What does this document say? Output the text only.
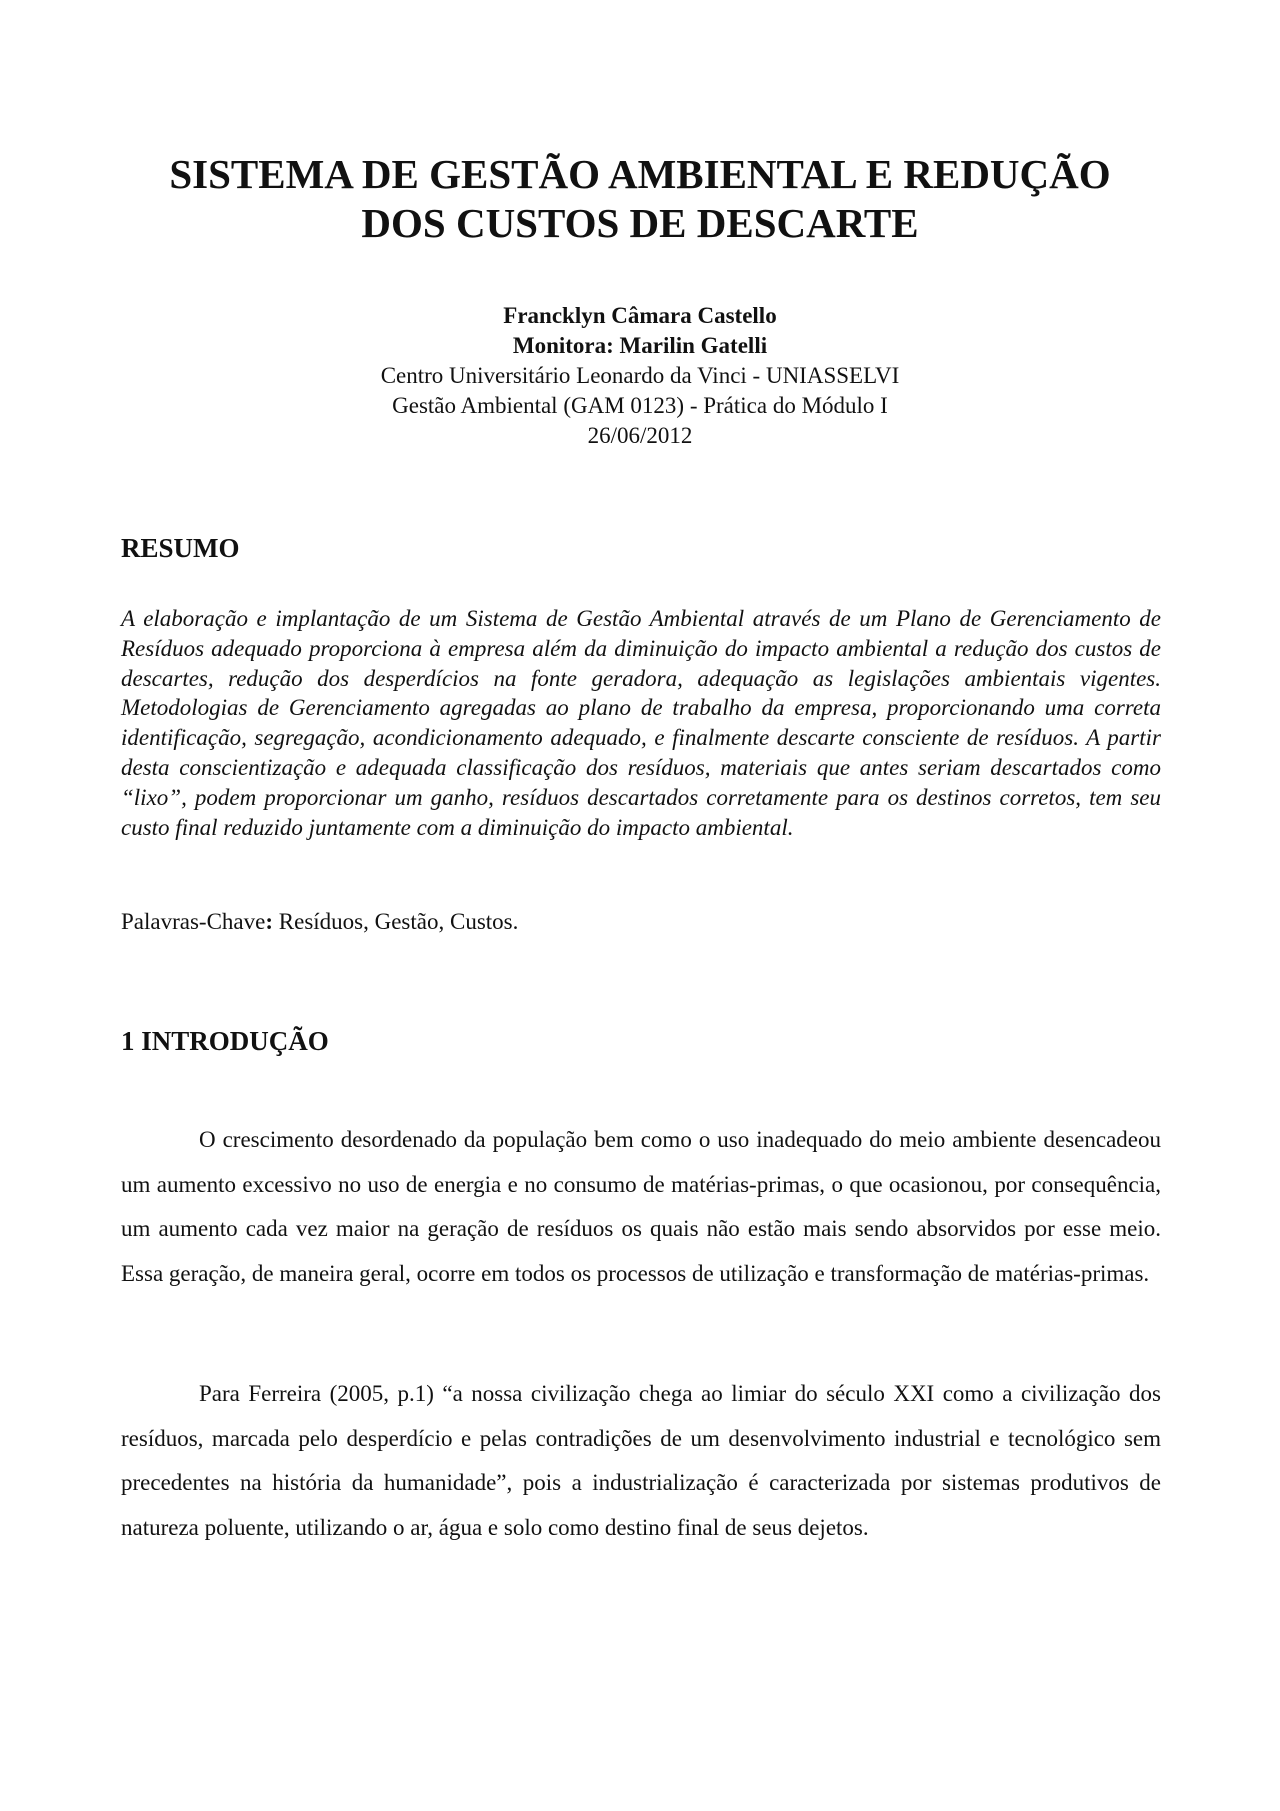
SISTEMA DE GESTÃO AMBIENTAL E REDUÇÃO
DOS CUSTOS DE DESCARTE
Francklyn Câmara Castello
Monitora: Marilin Gatelli
Centro Universitário Leonardo da Vinci - UNIASSELVI
Gestão Ambiental (GAM 0123) - Prática do Módulo I
26/06/2012
RESUMO

A elaboração e implantação de um Sistema de Gestão Ambiental através de um Plano de Gerenciamento de Resíduos adequado proporciona à empresa além da diminuição do impacto ambiental a redução dos custos de descartes, redução dos desperdícios na fonte geradora, adequação as legislações ambientais vigentes. Metodologias de Gerenciamento agregadas ao plano de trabalho da empresa, proporcionando uma correta identificação, segregação, acondicionamento adequado, e finalmente descarte consciente de resíduos. A partir desta conscientização e adequada classificação dos resíduos, materiais que antes seriam descartados como “lixo”, podem proporcionar um ganho, resíduos descartados corretamente para os destinos corretos, tem seu custo final reduzido juntamente com a diminuição do impacto ambiental.

Palavras-Chave: Resíduos, Gestão, Custos.

1 INTRODUÇÃO

O crescimento desordenado da população bem como o uso inadequado do meio ambiente desencadeou um aumento excessivo no uso de energia e no consumo de matérias-primas, o que ocasionou, por consequência, um aumento cada vez maior na geração de resíduos os quais não estão mais sendo absorvidos por esse meio. Essa geração, de maneira geral, ocorre em todos os processos de utilização e transformação de matérias-primas.

Para Ferreira (2005, p.1) “a nossa civilização chega ao limiar do século XXI como a civilização dos resíduos, marcada pelo desperdício e pelas contradições de um desenvolvimento industrial e tecnológico sem precedentes na história da humanidade”, pois a industrialização é caracterizada por sistemas produtivos de natureza poluente, utilizando o ar, água e solo como destino final de seus dejetos.
